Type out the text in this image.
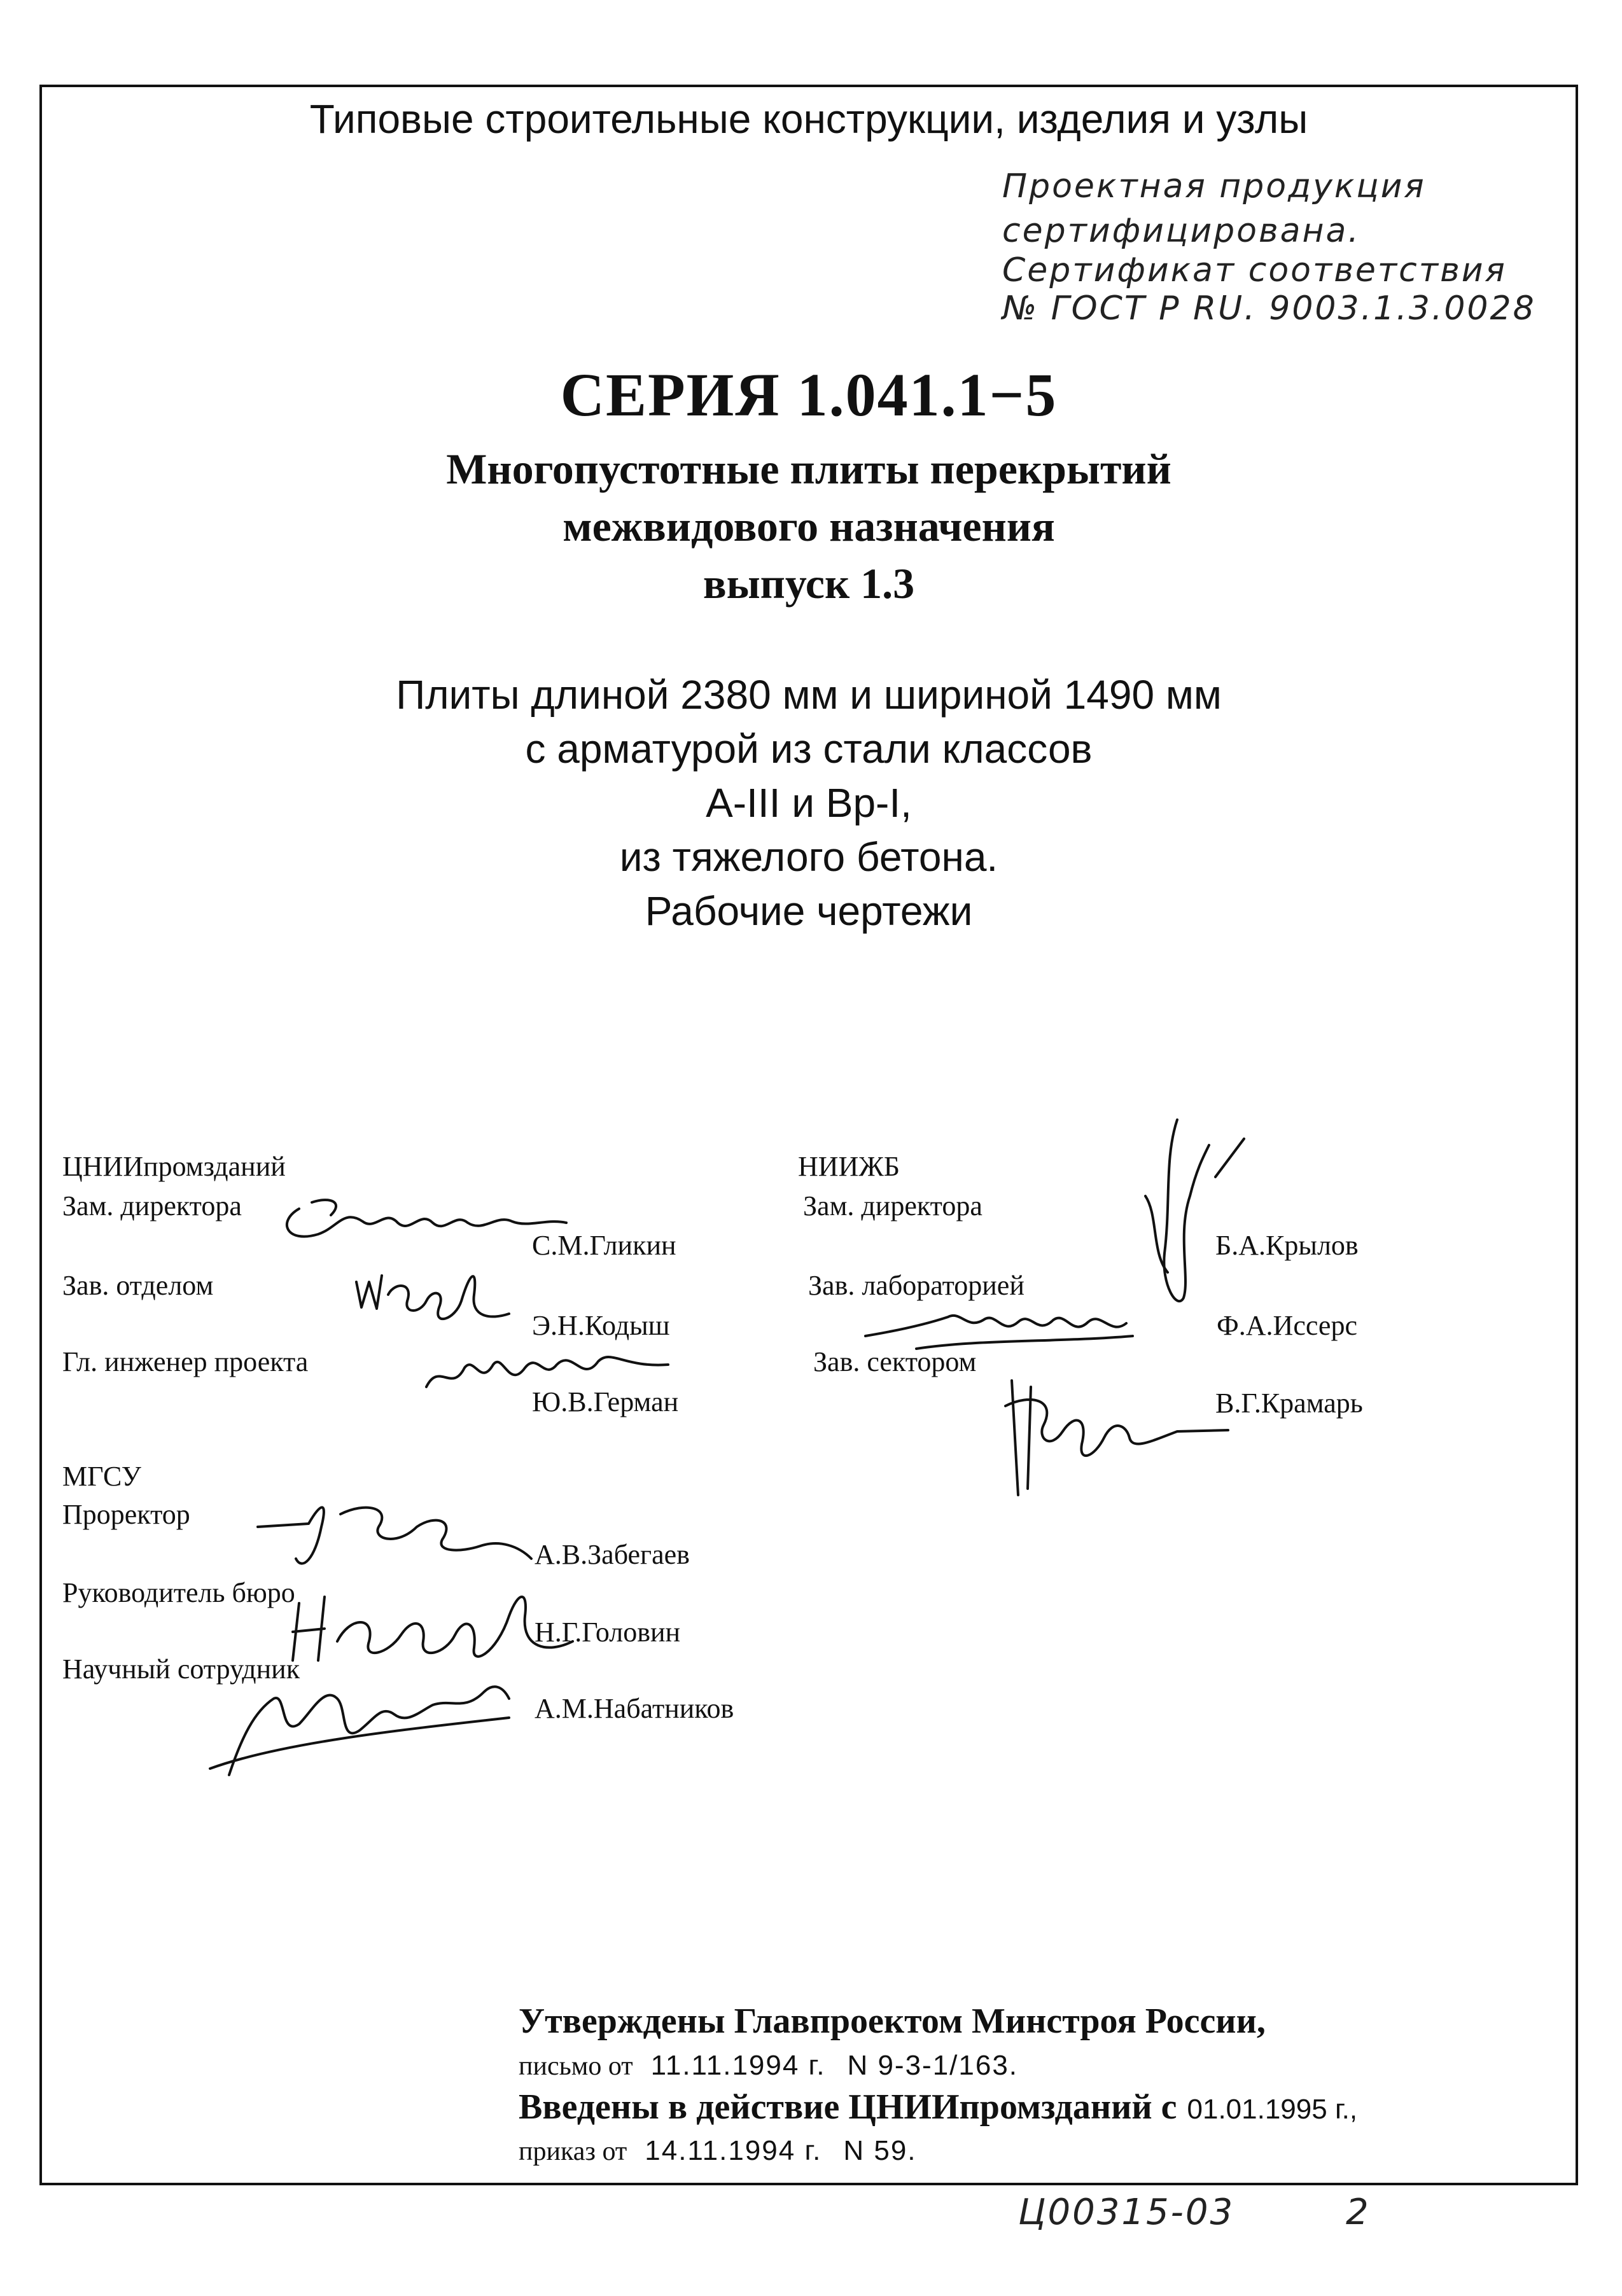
Типовые строительные конструкции, изделия и узлы
Проектная продукция
сертифицирована.
Сертификат соответствия
№ ГОСТ Р RU. 9003.1.3.0028
СЕРИЯ 1.041.1−5
Многопустотные плиты перекрытий
межвидового назначения
выпуск 1.3
Плиты длиной 2380 мм и шириной 1490 мм
с арматурой из стали классов
А-III и Вр-I,
из тяжелого бетона.
Рабочие чертежи
ЦНИИпромзданий
Зам. директора
С.М.Гликин
Зав. отделом
Э.Н.Кодыш
Гл. инженер проекта
Ю.В.Герман
НИИЖБ
Зам. директора
Б.А.Крылов
Зав. лабораторией
Ф.А.Иссерс
Зав. сектором
В.Г.Крамарь
МГСУ
Проректор
А.В.Забегаев
Руководитель бюро
Н.Г.Головин
Научный сотрудник
А.М.Набатников
Утверждены Главпроектом Минстроя России,
письмо от 11.11.1994 г. N 9-3-1/163.
Введены в действие ЦНИИпромзданий с 01.01.1995 г.,
приказ от 14.11.1994 г. N 59.
Ц00315-03	2
